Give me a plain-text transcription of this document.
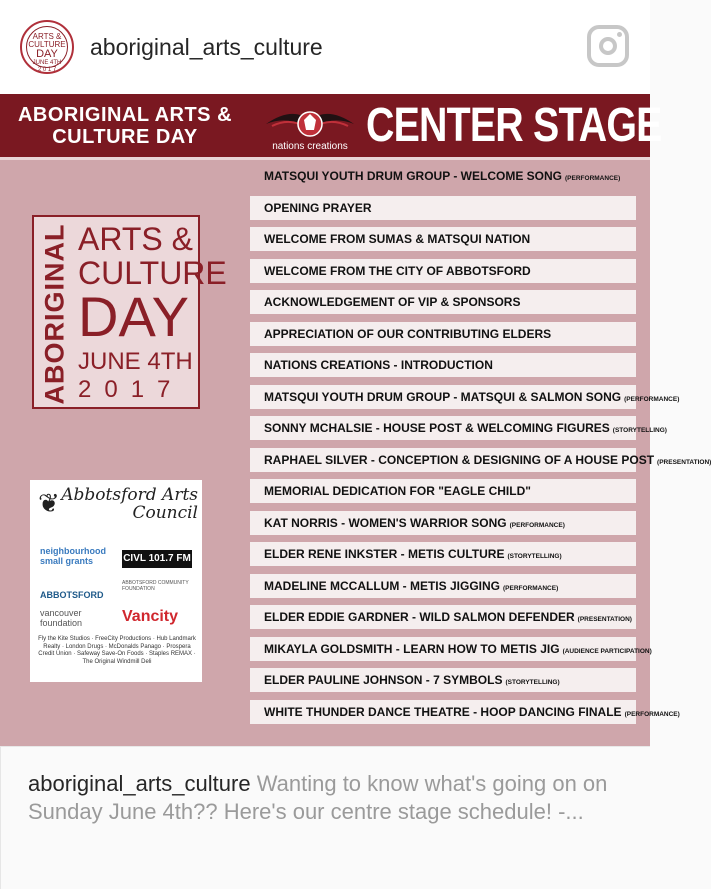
ARTS &
CULTURE
DAY
JUNE 4TH
2 0 1 7
aboriginal_arts_culture
ABORIGINAL ARTS & CULTURE DAY	nations creations CENTER STAGE
ABORIGINAL ARTS &
CULTURE
DAY
JUNE 4TH
2017
❦ Abbotsford Arts Council
neighbourhood small grants	CIVL 101.7 FM
ABBOTSFORD
ABBOTSFORD COMMUNITY FOUNDATION
vancouver foundation	Vancity
Fly the Kite Studios · FreeCity Productions · Hub Landmark Realty · London Drugs · McDonalds Panago · Prospera Credit Union · Safeway Save-On Foods · Staples REMAX · The Original Windmill Deli
MATSQUI YOUTH DRUM GROUP - WELCOME SONG (PERFORMANCE)
OPENING PRAYER
WELCOME FROM SUMAS & MATSQUI NATION
WELCOME FROM THE CITY OF ABBOTSFORD
ACKNOWLEDGEMENT OF VIP & SPONSORS
APPRECIATION OF OUR CONTRIBUTING ELDERS
NATIONS CREATIONS - INTRODUCTION
MATSQUI YOUTH DRUM GROUP - MATSQUI & SALMON SONG (PERFORMANCE)
SONNY MCHALSIE - HOUSE POST & WELCOMING FIGURES (STORYTELLING)
RAPHAEL SILVER - CONCEPTION & DESIGNING OF A HOUSE POST (PRESENTATION)
MEMORIAL DEDICATION FOR "EAGLE CHILD"
KAT NORRIS - WOMEN'S WARRIOR SONG (PERFORMANCE)
ELDER RENE INKSTER - METIS CULTURE (STORYTELLING)
MADELINE MCCALLUM - METIS JIGGING (PERFORMANCE)
ELDER EDDIE GARDNER - WILD SALMON DEFENDER (PRESENTATION)
MIKAYLA GOLDSMITH - LEARN HOW TO METIS JIG (AUDIENCE PARTICIPATION)
ELDER PAULINE JOHNSON - 7 SYMBOLS (STORYTELLING)
WHITE THUNDER DANCE THEATRE - HOOP DANCING FINALE (PERFORMANCE)
aboriginal_arts_culture Wanting to know what's going on on Sunday June 4th?? Here's our centre stage schedule! -...
